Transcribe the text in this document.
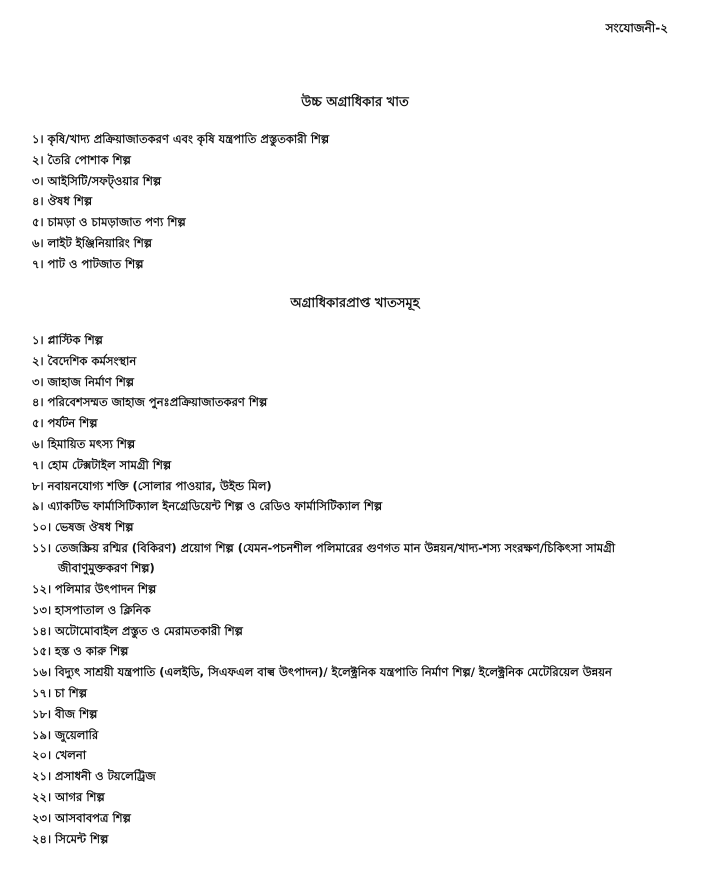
সংযোজনী-২
উচ্চ অগ্রাধিকার খাত
১। কৃষি/খাদ্য প্রক্রিয়াজাতকরণ এবং কৃষি যন্ত্রপাতি প্রস্তুতকারী শিল্প
২। তৈরি পোশাক শিল্প
৩। আইসিটি/সফট্ওয়ার শিল্প
৪। ঔষধ শিল্প
৫। চামড়া ও চামড়াজাত পণ্য শিল্প
৬। লাইট ইঞ্জিনিয়ারিং শিল্প
৭। পাট ও পাটজাত শিল্প
অগ্রাধিকারপ্রাপ্ত খাতসমূহ
১। প্লাস্টিক শিল্প
২। বৈদেশিক কর্মসংস্থান
৩। জাহাজ নির্মাণ শিল্প
৪। পরিবেশসম্মত জাহাজ পুনঃপ্রক্রিয়াজাতকরণ শিল্প
৫। পর্যটন শিল্প
৬। হিমায়িত মৎস্য শিল্প
৭। হোম টেক্সটাইল সামগ্রী শিল্প
৮। নবায়নযোগ্য শক্তি (সোলার পাওয়ার, উইন্ড মিল)
৯। এ্যাকটিভ ফার্মাসিটিক্যাল ইনগ্রেডিয়েন্ট শিল্প ও রেডিও ফার্মাসিটিক্যাল শিল্প
১০। ভেষজ ঔষধ শিল্প
১১। তেজস্ক্রিয় রশ্মির (বিকিরণ) প্রয়োগ শিল্প (যেমন-পচনশীল পলিমারের গুণগত মান উন্নয়ন/খাদ্য-শস্য সংরক্ষণ/চিকিৎসা সামগ্রী জীবাণুমুক্তকরণ শিল্প)
১২। পলিমার উৎপাদন শিল্প
১৩। হাসপাতাল ও ক্লিনিক
১৪। অটোমোবাইল প্রস্তুত ও মেরামতকারী শিল্প
১৫। হস্ত ও কারু শিল্প
১৬। বিদ্যুৎ সাশ্রয়ী যন্ত্রপাতি (এলইডি, সিএফএল বাল্ব উৎপাদন)/ ইলেক্ট্রনিক যন্ত্রপাতি নির্মাণ শিল্প/ ইলেক্ট্রনিক মেটেরিয়েল উন্নয়ন
১৭। চা শিল্প
১৮। বীজ শিল্প
১৯। জুয়েলারি
২০। খেলনা
২১। প্রসাধনী ও টয়লেট্রিজ
২২। আগর শিল্প
২৩। আসবাবপত্র শিল্প
২৪। সিমেন্ট শিল্প
